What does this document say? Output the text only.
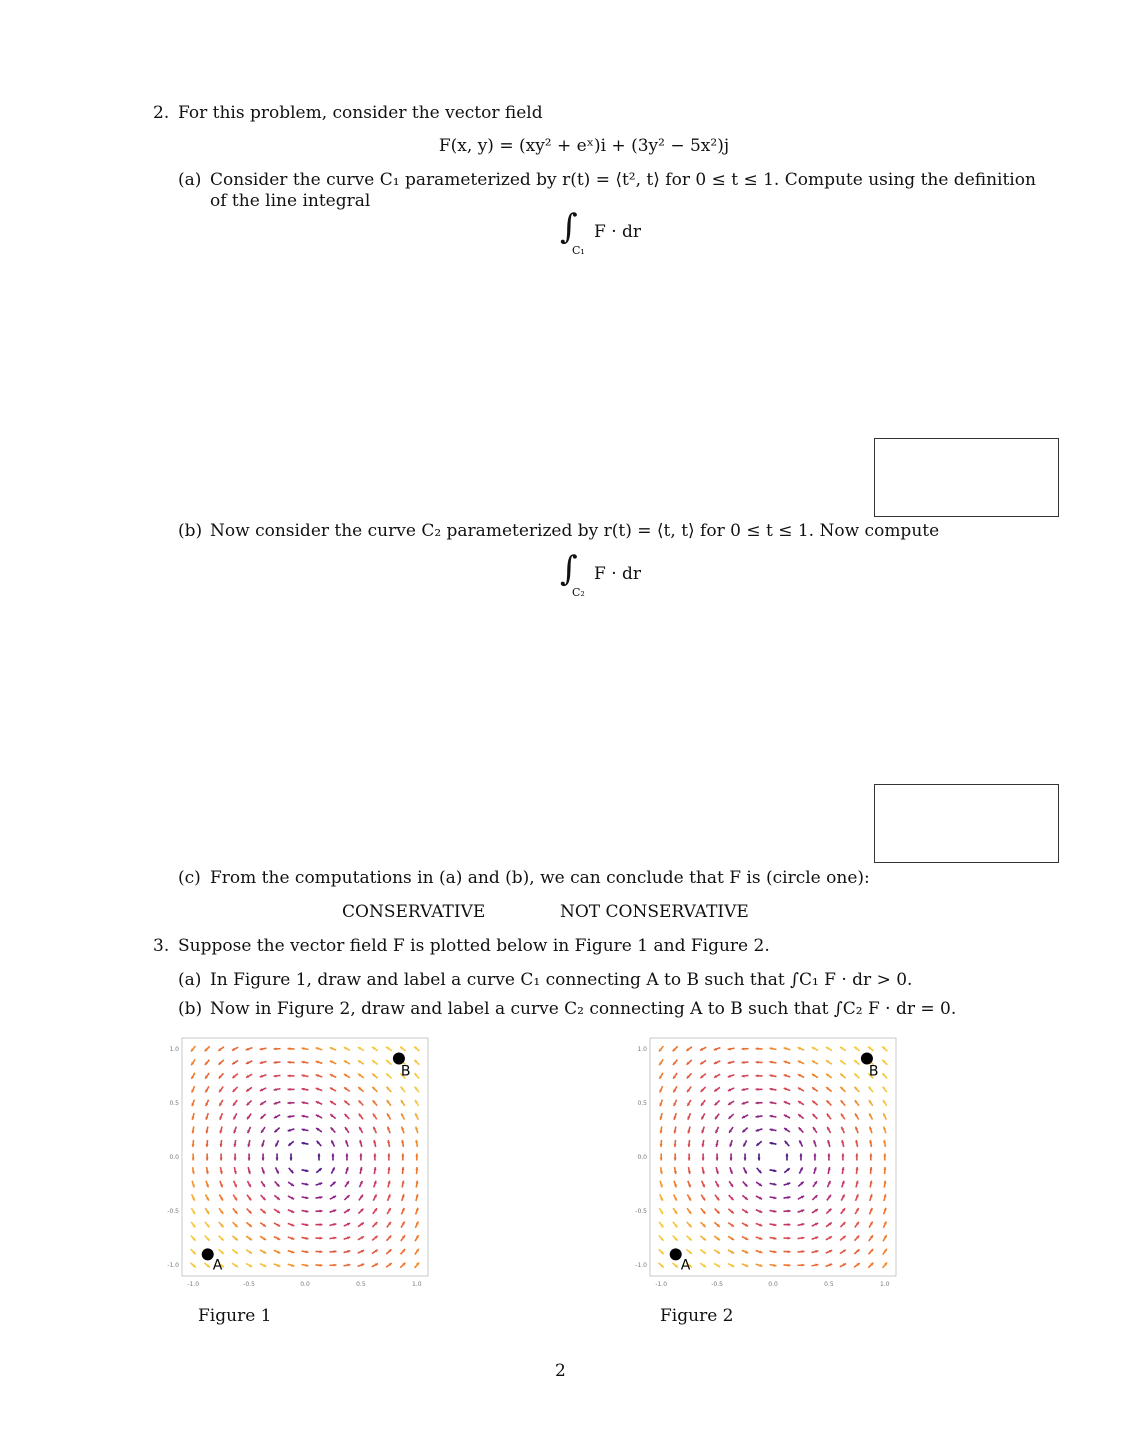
2. For this problem, consider the vector field
F(x, y) = (xy² + eˣ)i + (3y² − 5x²)j
(a) Consider the curve C₁ parameterized by r(t) = ⟨t², t⟩ for 0 ≤ t ≤ 1. Compute using the definition
of the line integral
∫
C₁
F · dr
(b) Now consider the curve C₂ parameterized by r(t) = ⟨t, t⟩ for 0 ≤ t ≤ 1. Now compute
∫
C₂
F · dr
(c) From the computations in (a) and (b), we can conclude that F is (circle one):
CONSERVATIVE	NOT CONSERVATIVE
3. Suppose the vector field F is plotted below in Figure 1 and Figure 2.
(a) In Figure 1, draw and label a curve C₁ connecting A to B such that ∫C₁ F · dr > 0.
(b) Now in Figure 2, draw and label a curve C₂ connecting A to B such that ∫C₂ F · dr = 0.
-1.0
1.0
-0.5
0.5
0.0
0.0
0.5
-0.5
1.0
-1.0 A
B
Figure 1
-1.0
1.0
-0.5
0.5
0.0
0.0
0.5
-0.5
1.0
-1.0 A
B
Figure 2
2
